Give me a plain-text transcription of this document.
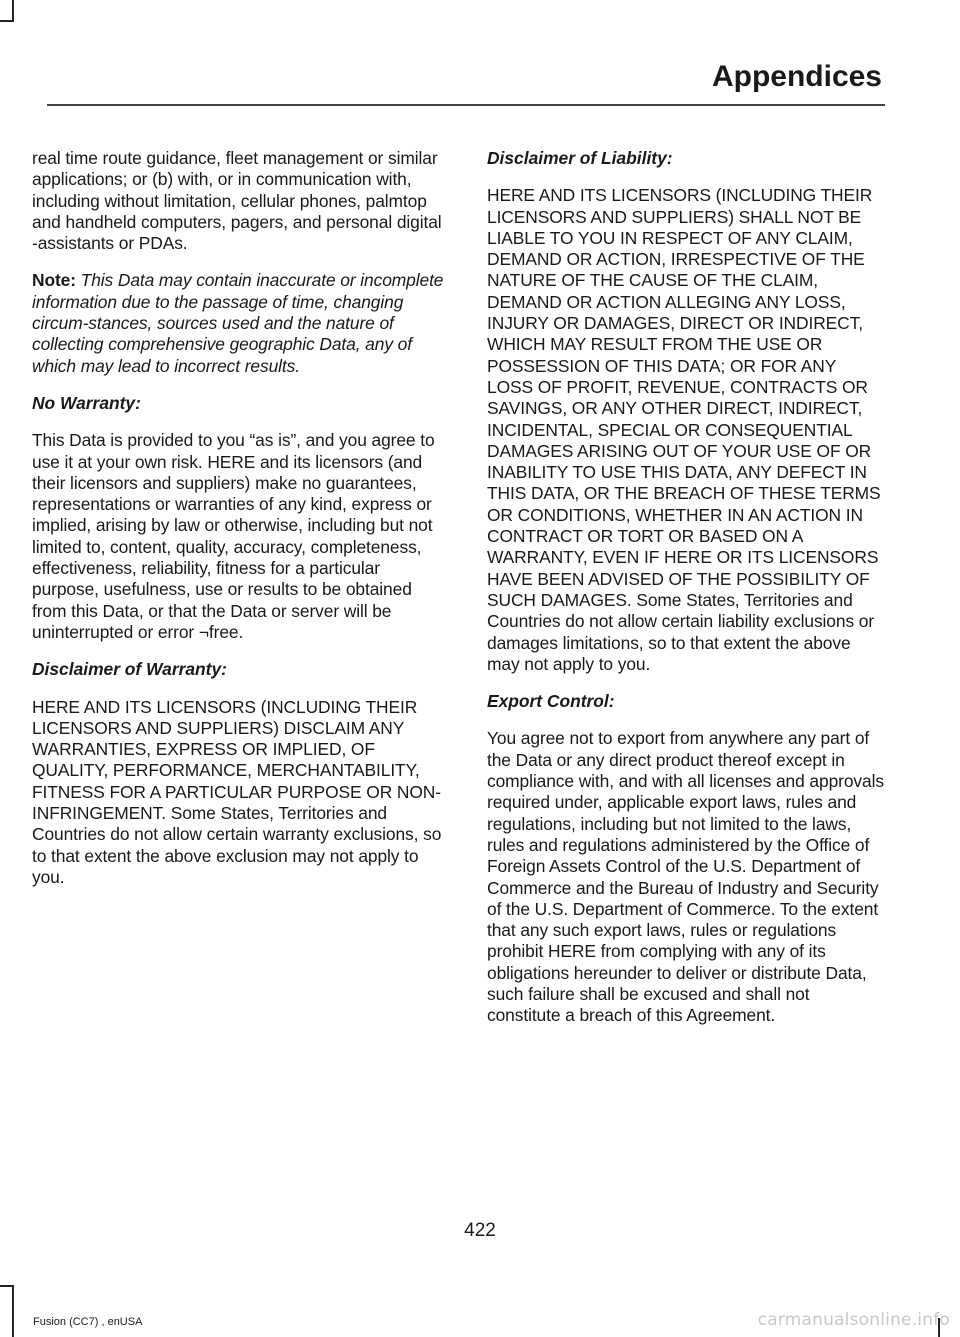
Appendices

real time route guidance, fleet management or similar applications; or (b) with, or in communication with, including without limitation, cellular phones, palmtop and handheld computers, pagers, and personal digital -assistants or PDAs.

Note: This Data may contain inaccurate or incomplete information due to the passage of time, changing circum-stances, sources used and the nature of collecting comprehensive geographic Data, any of which may lead to incorrect results.

No Warranty:

This Data is provided to you “as is”, and you agree to use it at your own risk. HERE and its licensors (and their licensors and suppliers) make no guarantees, representations or warranties of any kind, express or implied, arising by law or otherwise, including but not limited to, content, quality, accuracy, completeness, effectiveness, reliability, fitness for a particular purpose, usefulness, use or results to be obtained from this Data, or that the Data or server will be uninterrupted or error ¬free.

Disclaimer of Warranty:

HERE AND ITS LICENSORS (INCLUDING THEIR LICENSORS AND SUPPLIERS) DISCLAIM ANY WARRANTIES, EXPRESS OR IMPLIED, OF QUALITY, PERFORMANCE, MERCHANTABILITY, FITNESS FOR A PARTICULAR PURPOSE OR NON-INFRINGEMENT. Some States, Territories and Countries do not allow certain warranty exclusions, so to that extent the above exclusion may not apply to you.

Disclaimer of Liability:

HERE AND ITS LICENSORS (INCLUDING THEIR LICENSORS AND SUPPLIERS) SHALL NOT BE LIABLE TO YOU IN RESPECT OF ANY CLAIM, DEMAND OR ACTION, IRRESPECTIVE OF THE NATURE OF THE CAUSE OF THE CLAIM, DEMAND OR ACTION ALLEGING ANY LOSS, INJURY OR DAMAGES, DIRECT OR INDIRECT, WHICH MAY RESULT FROM THE USE OR POSSESSION OF THIS DATA; OR FOR ANY LOSS OF PROFIT, REVENUE, CONTRACTS OR SAVINGS, OR ANY OTHER DIRECT, INDIRECT, INCIDENTAL, SPECIAL OR CONSEQUENTIAL DAMAGES ARISING OUT OF YOUR USE OF OR INABILITY TO USE THIS DATA, ANY DEFECT IN THIS DATA, OR THE BREACH OF THESE TERMS OR CONDITIONS, WHETHER IN AN ACTION IN CONTRACT OR TORT OR BASED ON A WARRANTY, EVEN IF HERE OR ITS LICENSORS HAVE BEEN ADVISED OF THE POSSIBILITY OF SUCH DAMAGES. Some States, Territories and Countries do not allow certain liability exclusions or damages limitations, so to that extent the above may not apply to you.

Export Control:

You agree not to export from anywhere any part of the Data or any direct product thereof except in compliance with, and with all licenses and approvals required under, applicable export laws, rules and regulations, including but not limited to the laws, rules and regulations administered by the Office of Foreign Assets Control of the U.S. Department of Commerce and the Bureau of Industry and Security of the U.S. Department of Commerce. To the extent that any such export laws, rules or regulations prohibit HERE from complying with any of its obligations hereunder to deliver or distribute Data, such failure shall be excused and shall not constitute a breach of this Agreement.

422
Fusion (CC7) , enUSA	carmanualsonline.info
